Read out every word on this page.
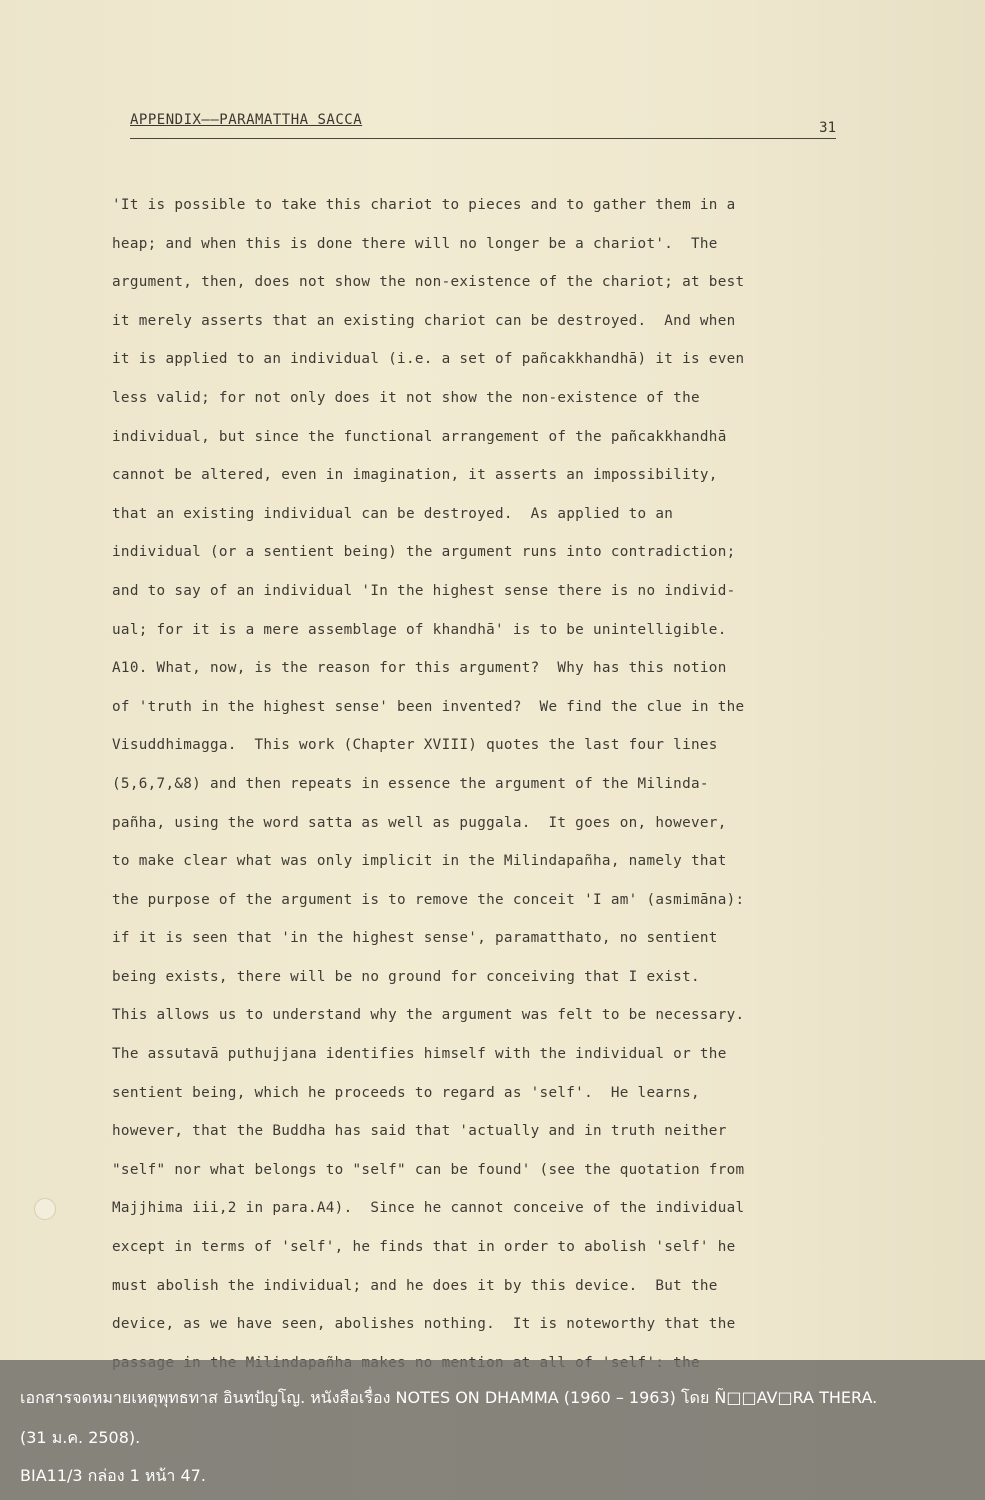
APPENDIX——PARAMATTHA SACCA	31
'It is possible to take this chariot to pieces and to gather them in a
heap; and when this is done there will no longer be a chariot'.  The
argument, then, does not show the non-existence of the chariot; at best
it merely asserts that an existing chariot can be destroyed.  And when
it is applied to an individual (i.e. a set of pañcakkhandhā) it is even
less valid; for not only does it not show the non-existence of the
individual, but since the functional arrangement of the pañcakkhandhā
cannot be altered, even in imagination, it asserts an impossibility,
that an existing individual can be destroyed.  As applied to an
individual (or a sentient being) the argument runs into contradiction;
and to say of an individual 'In the highest sense there is no individ-
ual; for it is a mere assemblage of khandhā' is to be unintelligible.
A10. What, now, is the reason for this argument?  Why has this notion
of 'truth in the highest sense' been invented?  We find the clue in the
Visuddhimagga.  This work (Chapter XVIII) quotes the last four lines
(5,6,7,&8) and then repeats in essence the argument of the Milinda-
pañha, using the word satta as well as puggala.  It goes on, however,
to make clear what was only implicit in the Milindapañha, namely that
the purpose of the argument is to remove the conceit 'I am' (asmimāna):
if it is seen that 'in the highest sense', paramatthato, no sentient
being exists, there will be no ground for conceiving that I exist.
This allows us to understand why the argument was felt to be necessary.
The assutavā puthujjana identifies himself with the individual or the
sentient being, which he proceeds to regard as 'self'.  He learns,
however, that the Buddha has said that 'actually and in truth neither
"self" nor what belongs to "self" can be found' (see the quotation from
Majjhima iii,2 in para.A4).  Since he cannot conceive of the individual
except in terms of 'self', he finds that in order to abolish 'self' he
must abolish the individual; and he does it by this device.  But the
device, as we have seen, abolishes nothing.  It is noteworthy that the
เอกสารจดหมายเหตุพุทธทาส อินทปัญโญ. หนังสือเรื่อง NOTES ON DHAMMA (1960 – 1963) โดย Ñ□□AV□RA THERA.
(31 ม.ค. 2508).
BIA11/3 กล่อง 1 หน้า 47.
